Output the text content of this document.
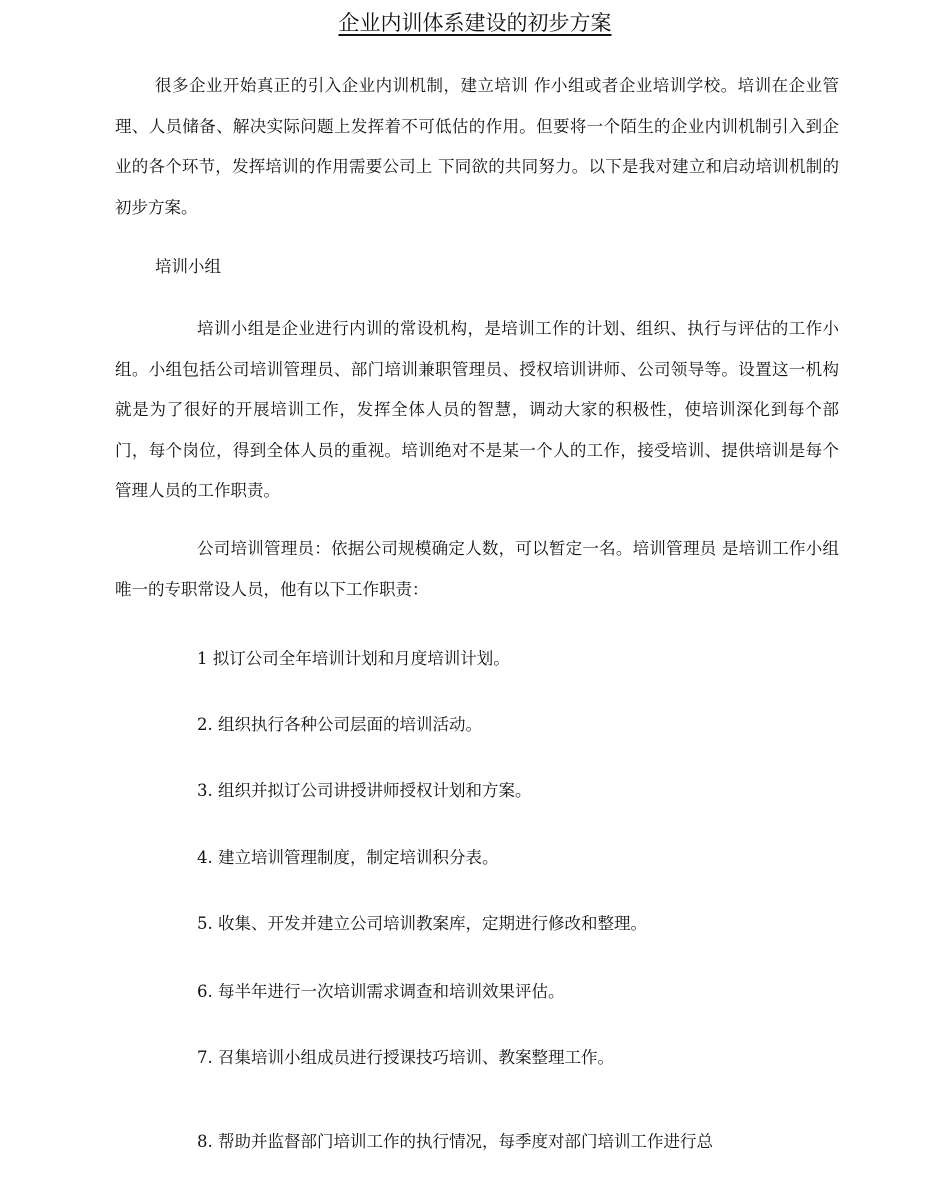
企业内训体系建设的初步方案

很多企业开始真正的引入企业内训机制，建立培训 作小组或者企业培训学校。培训在企业管理、人员储备、解决实际问题上发挥着不可低估的作用。但要将一个陌生的企业内训机制引入到企业的各个环节，发挥培训的作用需要公司上 下同欲的共同努力。以下是我对建立和启动培训机制的初步方案。

培训小组

培训小组是企业进行内训的常设机构，是培训工作的计划、组织、执行与评估的工作小组。小组包括公司培训管理员、部门培训兼职管理员、授权培训讲师、公司领导等。设置这一机构就是为了很好的开展培训工作，发挥全体人员的智慧，调动大家的积极性，使培训深化到每个部门，每个岗位，得到全体人员的重视。培训绝对不是某一个人的工作，接受培训、提供培训是每个管理人员的工作职责。

公司培训管理员：依据公司规模确定人数，可以暂定一名。培训管理员 是培训工作小组唯一的专职常设人员，他有以下工作职责：

1 拟订公司全年培训计划和月度培训计划。

2. 组织执行各种公司层面的培训活动。

3. 组织并拟订公司讲授讲师授权计划和方案。

4. 建立培训管理制度，制定培训积分表。

5. 收集、开发并建立公司培训教案库，定期进行修改和整理。

6. 每半年进行一次培训需求调查和培训效果评估。

7. 召集培训小组成员进行授课技巧培训、教案整理工作。

8. 帮助并监督部门培训工作的执行情况，每季度对部门培训工作进行总
